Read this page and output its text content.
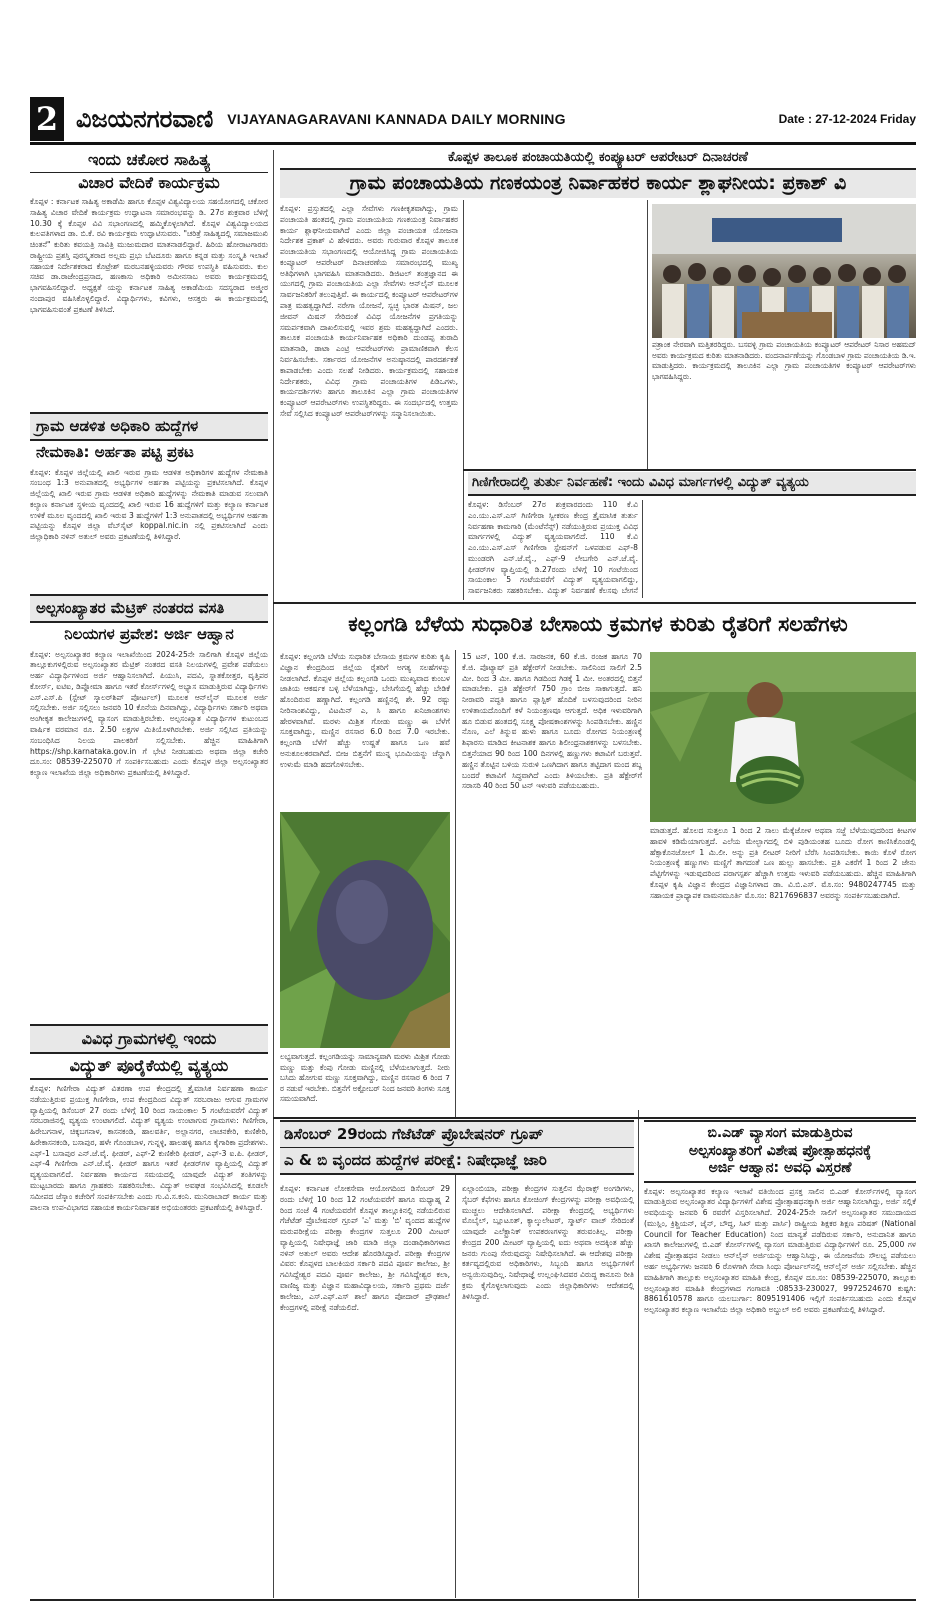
2 ವಿಜಯನಗರವಾಣಿ VIJAYANAGARAVANI KANNADA DAILY MORNING	Date : 27-12-2024 Friday
ಇಂದು ಚಕೋರ ಸಾಹಿತ್ಯ
ವಿಚಾರ ವೇದಿಕೆ ಕಾರ್ಯಕ್ರಮ
ಕೊಪ್ಪಳ : ಕರ್ನಾಟಕ ಸಾಹಿತ್ಯ ಅಕಾಡೆಮಿ ಹಾಗೂ ಕೊಪ್ಪಳ ವಿಶ್ವವಿದ್ಯಾಲಯ ಸಹಯೋಗದಲ್ಲಿ ಚಕೋರ ಸಾಹಿತ್ಯ ವಿಚಾರ ವೇದಿಕೆ ಕಾರ್ಯಕ್ರಮ ಉದ್ಘಾಟನಾ ಸಮಾರಂಭವನ್ನು ಡಿ. 27ರ ಶುಕ್ರವಾರ ಬೆಳಿಗ್ಗೆ 10.30 ಕ್ಕೆ ಕೊಪ್ಪಳ ವಿವಿ ಸಭಾಂಗಣದಲ್ಲಿ ಹಮ್ಮಿಕೊಳ್ಳಲಾಗಿದೆ. ಕೊಪ್ಪಳ ವಿಶ್ವವಿದ್ಯಾಲಯದ ಕುಲಪತಿಗಳಾದ ಡಾ. ಬಿ.ಕೆ. ರವಿ ಕಾರ್ಯಕ್ರಮ ಉದ್ಘಾಟಿಸುವರು. "ಚರಿತ್ರೆ ಸಾಹಿತ್ಯದಲ್ಲಿ ಸಮಾಜಮುಖಿ ಚಿಂತನೆ" ಕುರಿತು ಕವಯತ್ರಿ ಸಾವಿತ್ರಿ ಮುಜುಮದಾರ ಮಾತನಾಡಲಿದ್ದಾರೆ. ಹಿರಿಯ ಹೋರಾಟಗಾರರು ರಾಷ್ಟ್ರೀಯ ಪ್ರಶಸ್ತಿ ಪುರಸ್ಕೃತರಾದ ಅಲ್ಲಮ ಪ್ರಭು ಬೆಟದೂರು ಹಾಗೂ ಕನ್ನಡ ಮತ್ತು ಸಂಸ್ಕೃತಿ ಇಲಾಖೆ ಸಹಾಯಕ ನಿರ್ದೇಶಕರಾದ ಕೊಟ್ರೇಶ್ ಮರಬನಹಳ್ಳಿಯವರು ಗೌರವ ಉಪಸ್ಥಿತಿ ವಹಿಸುವರು. ಕುಲ ಸಚಿವ ಡಾ.ರಾಜೇಂದ್ರಪ್ರಸಾದ, ಹಣಕಾಸು ಅಧಿಕಾರಿ ಅಮೀನಸಾಬ ಅವರು ಕಾರ್ಯಕ್ರಮದಲ್ಲಿ ಭಾಗವಹಿಸಲಿದ್ದಾರೆ. ಅಧ್ಯಕ್ಷತೆ ಯನ್ನು ಕರ್ನಾಟಕ ಸಾಹಿತ್ಯ ಅಕಾಡೆಮಿಯ ಸದಸ್ಯರಾದ ಅಜ್ಮೀರ ನಂದಾಪುರ ವಹಿಸಿಕೊಳ್ಳಲಿದ್ದಾರೆ. ವಿದ್ಯಾರ್ಥಿಗಳು, ಕವಿಗಳು, ಆಸಕ್ತರು ಈ ಕಾರ್ಯಕ್ರಮದಲ್ಲಿ ಭಾಗವಹಿಸುವಂತೆ ಪ್ರಕಟಣೆ ತಿಳಿಸಿದೆ.
ಗ್ರಾಮ ಆಡಳಿತ ಅಧಿಕಾರಿ ಹುದ್ದೆಗಳ
ನೇಮಕಾತಿ: ಅರ್ಹತಾ ಪಟ್ಟಿ ಪ್ರಕಟ
ಕೊಪ್ಪಳ: ಕೊಪ್ಪಳ ಜಿಲ್ಲೆಯಲ್ಲಿ ಖಾಲಿ ಇರುವ ಗ್ರಾಮ ಆಡಳಿತ ಅಧಿಕಾರಿಗಳ ಹುದ್ದೆಗಳ ನೇಮಕಾತಿ ಸಂಬಂಧ 1:3 ಅನುಪಾತದಲ್ಲಿ ಅಭ್ಯರ್ಥಿಗಳ ಅರ್ಹತಾ ಪಟ್ಟಿಯನ್ನು ಪ್ರಕಟಿಸಲಾಗಿದೆ. ಕೊಪ್ಪಳ ಜಿಲ್ಲೆಯಲ್ಲಿ ಖಾಲಿ ಇರುವ ಗ್ರಾಮ ಆಡಳಿತ ಅಧಿಕಾರಿ ಹುದ್ದೆಗಳನ್ನು ನೇಮಕಾತಿ ಮಾಡುವ ಸಲುವಾಗಿ ಕಲ್ಯಾಣ ಕರ್ನಾಟಕ ಸ್ಥಳೀಯ ವೃಂದದಲ್ಲಿ ಖಾಲಿ ಇರುವ 16 ಹುದ್ದೆಗಳಿಗೆ ಮತ್ತು ಕಲ್ಯಾಣ ಕರ್ನಾಟಕ ಉಳಿಕೆ ಮೂಲ ವೃಂದದಲ್ಲಿ ಖಾಲಿ ಇರುವ 3 ಹುದ್ದೆಗಳಿಗೆ 1:3 ಅನುಪಾತದಲ್ಲಿ ಅಭ್ಯರ್ಥಿಗಳ ಅರ್ಹತಾ ಪಟ್ಟಿಯನ್ನು ಕೊಪ್ಪಳ ಜಿಲ್ಲಾ ವೆಬ್‌ಸೈಟ್ koppal.nic.in ನಲ್ಲಿ ಪ್ರಕಟಿಸಲಾಗಿದೆ ಎಂದು ಜಿಲ್ಲಾಧಿಕಾರಿ ನಳಿನ್ ಅತುಲ್ ಅವರು ಪ್ರಕಟಣೆಯಲ್ಲಿ ತಿಳಿಸಿದ್ದಾರೆ.
ಅಲ್ಪಸಂಖ್ಯಾತರ ಮೆಟ್ರಿಕ್ ನಂತರದ ವಸತಿ
ನಿಲಯಗಳ ಪ್ರವೇಶ: ಅರ್ಜಿ ಆಹ್ವಾನ
ಕೊಪ್ಪಳ: ಅಲ್ಪಸಂಖ್ಯಾತರ ಕಲ್ಯಾಣ ಇಲಾಖೆಯಿಂದ 2024-25ನೇ ಸಾಲಿಗಾಗಿ ಕೊಪ್ಪಳ ಜಿಲ್ಲೆಯ ತಾಲ್ಲೂಕುಗಳಲ್ಲಿರುವ ಅಲ್ಪಸಂಖ್ಯಾತರ ಮೆಟ್ರಿಕ್ ನಂತರದ ವಸತಿ ನಿಲಯಗಳಲ್ಲಿ ಪ್ರವೇಶ ಪಡೆಯಲು ಅರ್ಹ ವಿದ್ಯಾರ್ಥಿಗಳಿಂದ ಅರ್ಜಿ ಆಹ್ವಾನಿಸಲಾಗಿದೆ. ಪಿಯುಸಿ, ಪದವಿ, ಸ್ನಾತಕೋತ್ತರ, ವೃತ್ತಿಪರ ಕೋರ್ಸ್, ಐಟಿಐ, ಡಿಪ್ಲೋಮಾ ಹಾಗೂ ಇತರೆ ಕೋರ್ಸ್‌ಗಳಲ್ಲಿ ಅಭ್ಯಾಸ ಮಾಡುತ್ತಿರುವ ವಿದ್ಯಾರ್ಥಿಗಳು ಎಸ್.ಎಸ್.ಪಿ (ಸ್ಟೇಟ್ ಸ್ಕಾಲರ್‌ಶಿಪ್ ಪೋರ್ಟಲ್) ಮೂಲಕ ಆನ್‌ಲೈನ್ ಮೂಲಕ ಅರ್ಜಿ ಸಲ್ಲಿಸಬೇಕು. ಅರ್ಜಿ ಸಲ್ಲಿಸಲು ಜನವರಿ 10 ಕೊನೆಯ ದಿನವಾಗಿದ್ದು, ವಿದ್ಯಾರ್ಥಿಗಳು ಸರ್ಕಾರಿ ಅಥವಾ ಅಂಗೀಕೃತ ಕಾಲೇಜುಗಳಲ್ಲಿ ವ್ಯಾಸಂಗ ಮಾಡುತ್ತಿರಬೇಕು. ಅಲ್ಪಸಂಖ್ಯಾತ ವಿದ್ಯಾರ್ಥಿಗಳ ಕುಟುಂಬದ ವಾರ್ಷಿಕ ವರಮಾನ ರೂ. 2.50 ಲಕ್ಷಗಳ ಮಿತಿಯೊಳಗಿರಬೇಕು. ಅರ್ಜಿ ಸಲ್ಲಿಸಿದ ಪ್ರತಿಯನ್ನು ಸಂಬಂಧಿಸಿದ ನಿಲಯ ಪಾಲಕರಿಗೆ ಸಲ್ಲಿಸಬೇಕು. ಹೆಚ್ಚಿನ ಮಾಹಿತಿಗಾಗಿ https://shp.karnataka.gov.in ಗೆ ಭೇಟಿ ನೀಡಬಹುದು ಅಥವಾ ಜಿಲ್ಲಾ ಕಚೇರಿ ದೂ.ಸಂ: 08539-225070 ಗೆ ಸಂಪರ್ಕಿಸಬಹುದು ಎಂದು ಕೊಪ್ಪಳ ಜಿಲ್ಲಾ ಅಲ್ಪಸಂಖ್ಯಾತರ ಕಲ್ಯಾಣ ಇಲಾಖೆಯ ಜಿಲ್ಲಾ ಅಧಿಕಾರಿಗಳು ಪ್ರಕಟಣೆಯಲ್ಲಿ ತಿಳಿಸಿದ್ದಾರೆ.
ವಿವಿಧ ಗ್ರಾಮಗಳಲ್ಲಿ ಇಂದು
ವಿದ್ಯುತ್ ಪೂರೈಕೆಯಲ್ಲಿ ವ್ಯತ್ಯಯ
ಕೊಪ್ಪಳ: ಗಿಣಿಗೇರಾ ವಿದ್ಯುತ್ ವಿತರಣಾ ಉಪ ಕೇಂದ್ರದಲ್ಲಿ ತ್ರೈಮಾಸಿಕ ನಿರ್ವಹಣಾ ಕಾರ್ಯ ನಡೆಯುತ್ತಿರುವ ಪ್ರಯುಕ್ತ ಗಿಣಿಗೇರಾ, ಉಪ ಕೇಂದ್ರದಿಂದ ವಿದ್ಯುತ್ ಸರಬರಾಜು ಆಗುವ ಗ್ರಾಮಗಳ ವ್ಯಾಪ್ತಿಯಲ್ಲಿ ಡಿಸೆಂಬರ್ 27 ರಂದು ಬೆಳಿಗ್ಗೆ 10 ರಿಂದ ಸಾಯಂಕಾಲ 5 ಗಂಟೆಯವರೆಗೆ ವಿದ್ಯುತ್ ಸರಬರಾಜಿನಲ್ಲಿ ವ್ಯತ್ಯಯ ಉಂಟಾಗಲಿದೆ. ವಿದ್ಯುತ್ ವ್ಯತ್ಯಯ ಉಂಟಾಗುವ ಗ್ರಾಮಗಳು: ಗಿಣಿಗೇರಾ, ಹಿರೇಬಗನಾಳ, ಚಿಕ್ಕಬಗನಾಳ, ಕಾಸನಕಂಡಿ, ಹಾಲವರ್ತಿ, ಅಲ್ಲಾನಗರ, ಲಾಚನಕೇರಿ, ಕುಣಿಕೇರಿ, ಹಿರೇಕಾಸನಕಂಡಿ, ಬಸಾಪುರ, ಹಳೇ ಗೊಂಡಬಾಳ, ಗುನ್ನಳ್ಳಿ, ಹಾಲಹಳ್ಳಿ ಹಾಗೂ ಕೈಗಾರಿಕಾ ಪ್ರದೇಶಗಳು. ಎಫ್-1 ಬಸಾಪುರ ಎನ್.ಜೆ.ವೈ. ಫೀಡರ್, ಎಫ್-2 ಕುಣಿಕೇರಿ ಫೀಡರ್, ಎಫ್-3 ಐ.ಪಿ. ಫೀಡರ್, ಎಫ್-4 ಗಿಣಿಗೇರಾ ಎನ್.ಜೆ.ವೈ. ಫೀಡರ್ ಹಾಗೂ ಇತರೆ ಫೀಡರ್‌ಗಳ ವ್ಯಾಪ್ತಿಯಲ್ಲಿ ವಿದ್ಯುತ್ ವ್ಯತ್ಯಯವಾಗಲಿದೆ. ನಿರ್ವಹಣಾ ಕಾರ್ಯದ ಸಮಯದಲ್ಲಿ ಯಾವುದೇ ವಿದ್ಯುತ್ ತಂತಿಗಳನ್ನು ಮುಟ್ಟಬಾರದು ಹಾಗೂ ಗ್ರಾಹಕರು ಸಹಕರಿಸಬೇಕು. ವಿದ್ಯುತ್ ಅವಘಡ ಸಂಭವಿಸಿದಲ್ಲಿ ಕೂಡಲೇ ಸಮೀಪದ ಜೆಸ್ಕಾಂ ಕಚೇರಿಗೆ ಸಂಪರ್ಕಿಸಬೇಕು ಎಂದು ಗು.ವಿ.ಸ.ಕಂನಿ. ಮುನಿರಾಬಾದ್ ಕಾರ್ಯ ಮತ್ತು ಪಾಲನಾ ಉಪ-ವಿಭಾಗದ ಸಹಾಯಕ ಕಾರ್ಯನಿರ್ವಾಹಕ ಅಭಿಯಂತರರು ಪ್ರಕಟಣೆಯಲ್ಲಿ ತಿಳಿಸಿದ್ದಾರೆ.
ಕೊಪ್ಪಳ ತಾಲೂಕ ಪಂಚಾಯತಿಯಲ್ಲಿ ಕಂಪ್ಯೂಟರ್ ಆಪರೇಟರ್ ದಿನಾಚರಣೆ
ಗ್ರಾಮ ಪಂಚಾಯತಿಯ ಗಣಕಯಂತ್ರ ನಿರ್ವಾಹಕರ ಕಾರ್ಯ ಶ್ಲಾಘನೀಯ: ಪ್ರಕಾಶ್ ವಿ
ಕೊಪ್ಪಳ: ಪ್ರಸ್ತುತದಲ್ಲಿ ಎಲ್ಲಾ ಸೇವೆಗಳು ಗಣಕೀಕೃತವಾಗಿದ್ದು, ಗ್ರಾಮ ಪಂಚಾಯತಿ ಹಂತದಲ್ಲಿ ಗ್ರಾಮ ಪಂಚಾಯತಿಯ ಗಣಕಯಂತ್ರ ನಿರ್ವಾಹಕರ ಕಾರ್ಯ ಶ್ಲಾಘನೀಯವಾಗಿದೆ ಎಂದು ಜಿಲ್ಲಾ ಪಂಚಾಯತ ಯೋಜನಾ ನಿರ್ದೇಶಕ ಪ್ರಕಾಶ್ ವಿ ಹೇಳಿದರು. ಅವರು ಗುರುವಾರ ಕೊಪ್ಪಳ ತಾಲೂಕ ಪಂಚಾಯತಿಯ ಸಭಾಂಗಣದಲ್ಲಿ ಆಯೋಜಿಸಿದ್ದ ಗ್ರಾಮ ಪಂಚಾಯತಿಯ ಕಂಪ್ಯೂಟರ್ ಆಪರೇಟರ್ ದಿನಾಚರಣೆಯ ಸಮಾರಂಭದಲ್ಲಿ ಮುಖ್ಯ ಅತಿಥಿಗಳಾಗಿ ಭಾಗವಹಿಸಿ ಮಾತನಾಡಿದರು. ಡಿಜಿಟಲ್ ತಂತ್ರಜ್ಞಾನದ ಈ ಯುಗದಲ್ಲಿ ಗ್ರಾಮ ಪಂಚಾಯತಿಯ ಎಲ್ಲಾ ಸೇವೆಗಳು ಆನ್‌ಲೈನ್ ಮೂಲಕ ಸಾರ್ವಜನಿಕರಿಗೆ ತಲುಪುತ್ತಿವೆ. ಈ ಕಾರ್ಯದಲ್ಲಿ ಕಂಪ್ಯೂಟರ್ ಆಪರೇಟರ್‌ಗಳ ಪಾತ್ರ ಮಹತ್ವದ್ದಾಗಿದೆ. ನರೇಗಾ ಯೋಜನೆ, ಸ್ವಚ್ಛ ಭಾರತ ಮಿಷನ್, ಜಲ ಜೀವನ್ ಮಿಷನ್ ಸೇರಿದಂತೆ ವಿವಿಧ ಯೋಜನೆಗಳ ಪ್ರಗತಿಯನ್ನು ಸಮರ್ಪಕವಾಗಿ ದಾಖಲಿಸುವಲ್ಲಿ ಇವರ ಶ್ರಮ ಮಹತ್ವದ್ದಾಗಿದೆ ಎಂದರು. ತಾಲೂಕ ಪಂಚಾಯತಿ ಕಾರ್ಯನಿರ್ವಾಹಕ ಅಧಿಕಾರಿ ದುಂಡಪ್ಪ ತುರಾದಿ ಮಾತನಾಡಿ, ಡಾಟಾ ಎಂಟ್ರಿ ಆಪರೇಟರ್‌ಗಳು ಪ್ರಾಮಾಣಿಕವಾಗಿ ಕೆಲಸ ನಿರ್ವಹಿಸಬೇಕು. ಸರ್ಕಾರದ ಯೋಜನೆಗಳ ಅನುಷ್ಠಾನದಲ್ಲಿ ಪಾರದರ್ಶಕತೆ ಕಾಪಾಡಬೇಕು ಎಂದು ಸಲಹೆ ನೀಡಿದರು. ಕಾರ್ಯಕ್ರಮದಲ್ಲಿ ಸಹಾಯಕ ನಿರ್ದೇಶಕರು, ವಿವಿಧ ಗ್ರಾಮ ಪಂಚಾಯತಿಗಳ ಪಿಡಿಒಗಳು, ಕಾರ್ಯದರ್ಶಿಗಳು ಹಾಗೂ ತಾಲೂಕಿನ ಎಲ್ಲಾ ಗ್ರಾಮ ಪಂಚಾಯತಿಗಳ ಕಂಪ್ಯೂಟರ್ ಆಪರೇಟರ್‌ಗಳು ಉಪಸ್ಥಿತರಿದ್ದರು. ಈ ಸಂದರ್ಭದಲ್ಲಿ ಉತ್ತಮ ಸೇವೆ ಸಲ್ಲಿಸಿದ ಕಂಪ್ಯೂಟರ್ ಆಪರೇಟರ್‌ಗಳನ್ನು ಸನ್ಮಾನಿಸಲಾಯಿತು.
ಪತ್ರಾಂಕ ನೇರವಾಗಿ ಮತ್ತಿತರರಿದ್ದರು. ಬಸವಳ್ಳಿ ಗ್ರಾಮ ಪಂಚಾಯತಿಯ ಕಂಪ್ಯೂಟರ್ ಆಪರೇಟರ್ ನಿಸಾರ ಅಹಮದ್ ಅವರು ಕಾರ್ಯಕ್ರಮದ ಕುರಿತು ಮಾತನಾಡಿದರು. ವಂದನಾರ್ಪಣೆಯನ್ನು ಗೊಂಡಬಾಳ ಗ್ರಾಮ ಪಂಚಾಯತಿಯ ಡಿ.ಇ. ಮಾಡುತ್ತಿದರು. ಕಾರ್ಯಕ್ರಮದಲ್ಲಿ ತಾಲೂಕಿನ ಎಲ್ಲಾ ಗ್ರಾಮ ಪಂಚಾಯತಿಗಳ ಕಂಪ್ಯೂಟರ್ ಆಪರೇಟರ್‌ಗಳು ಭಾಗವಹಿಸಿದ್ದರು.
ಗಿಣಿಗೇರಾದಲ್ಲಿ ತುರ್ತು ನಿರ್ವಹಣೆ: ಇಂದು ವಿವಿಧ ಮಾರ್ಗಗಳಲ್ಲಿ ವಿದ್ಯುತ್ ವ್ಯತ್ಯಯ
ಕೊಪ್ಪಳ: ಡಿಸೆಂಬರ್ 27ರ ಶುಕ್ರವಾರದಂದು 110 ಕೆ.ವಿ ಎಂ.ಯು.ಎಸ್.ಎಸ್ ಗಿಣಿಗೇರಾ ಸ್ವೀಕರಣ ಕೇಂದ್ರ ತ್ರೈಮಾಸಿಕ ತುರ್ತು ನಿರ್ವಹಣಾ ಕಾಮಗಾರಿ (ಮೆಂಟೆನೆನ್ಸ್) ನಡೆಯುತ್ತಿರುವ ಪ್ರಯುಕ್ತ ವಿವಿಧ ಮಾರ್ಗಗಳಲ್ಲಿ ವಿದ್ಯುತ್ ವ್ಯತ್ಯಯವಾಗಲಿದೆ. 110 ಕೆ.ವಿ ಎಂ.ಯು.ಎಸ್.ಎಸ್ ಗಿಣಿಗೇರಾ ಸ್ಟೇಷನ್‌ಗೆ ಒಳಪಡುವ ಎಫ್-8 ಮುಂಡರಗಿ ಎನ್.ಜೆ.ವೈ., ಎಫ್-9 ಲೇಬಗೇರಿ ಎನ್.ಜೆ.ವೈ. ಫೀಡರ್‌ಗಳ ವ್ಯಾಪ್ತಿಯಲ್ಲಿ ಡಿ.27ರಂದು ಬೆಳಿಗ್ಗೆ 10 ಗಂಟೆಯಿಂದ ಸಾಯಂಕಾಲ 5 ಗಂಟೆಯವರೆಗೆ ವಿದ್ಯುತ್ ವ್ಯತ್ಯಯವಾಗಲಿದ್ದು, ಸಾರ್ವಜನಿಕರು ಸಹಕರಿಸಬೇಕು. ವಿದ್ಯುತ್ ನಿರ್ವಹಣೆ ಕೆಲಸವು ಬೇಗನೆ
ಕಲ್ಲಂಗಡಿ ಬೆಳೆಯ ಸುಧಾರಿತ ಬೇಸಾಯ ಕ್ರಮಗಳ ಕುರಿತು ರೈತರಿಗೆ ಸಲಹೆಗಳು
ಕೊಪ್ಪಳ: ಕಲ್ಲಂಗಡಿ ಬೆಳೆಯ ಸುಧಾರಿತ ಬೇಸಾಯ ಕ್ರಮಗಳ ಕುರಿತು ಕೃಷಿ ವಿಜ್ಞಾನ ಕೇಂದ್ರದಿಂದ ಜಿಲ್ಲೆಯ ರೈತರಿಗೆ ಅಗತ್ಯ ಸಲಹೆಗಳನ್ನು ನೀಡಲಾಗಿದೆ. ಕೊಪ್ಪಳ ಜಿಲ್ಲೆಯ ಕಲ್ಲಂಗಡಿ ಒಂದು ಮುಖ್ಯವಾದ ಕುಂಬಳ ಜಾತಿಯ ಆಕರ್ಷಕ ಬಳ್ಳಿ ಬೆಳೆಯಾಗಿದ್ದು, ಬೇಸಿಗೆಯಲ್ಲಿ ಹೆಚ್ಚು ಬೇಡಿಕೆ ಹೊಂದಿರುವ ಹಣ್ಣಾಗಿದೆ. ಕಲ್ಲಂಗಡಿ ಹಣ್ಣಿನಲ್ಲಿ ಶೇ. 92 ರಷ್ಟು ನೀರಿನಾಂಶವಿದ್ದು, ವಿಟಮಿನ್ ಎ, ಸಿ ಹಾಗೂ ಖನಿಜಾಂಶಗಳು ಹೇರಳವಾಗಿವೆ. ಮರಳು ಮಿಶ್ರಿತ ಗೋಡು ಮಣ್ಣು ಈ ಬೆಳೆಗೆ ಸೂಕ್ತವಾಗಿದ್ದು, ಮಣ್ಣಿನ ರಸಸಾರ 6.0 ರಿಂದ 7.0 ಇರಬೇಕು. ಕಲ್ಲಂಗಡಿ ಬೆಳೆಗೆ ಹೆಚ್ಚು ಉಷ್ಣತೆ ಹಾಗೂ ಒಣ ಹವೆ ಅನುಕೂಲಕರವಾಗಿದೆ. ಬೀಜ ಬಿತ್ತನೆಗೆ ಮುನ್ನ ಭೂಮಿಯನ್ನು ಚೆನ್ನಾಗಿ ಉಳುಮೆ ಮಾಡಿ ಹದಗೊಳಿಸಬೇಕು.
ಲಭ್ಯವಾಗುತ್ತದೆ. ಕಲ್ಲಂಗಡಿಯನ್ನು ಸಾಮಾನ್ಯವಾಗಿ ಮರಳು ಮಿಶ್ರಿತ ಗೋಡು ಮಣ್ಣು ಮತ್ತು ಕೆಂಪು ಗೋಡು ಮಣ್ಣಿನಲ್ಲಿ ಬೆಳೆಯಲಾಗುತ್ತದೆ. ನೀರು ಬಸಿದು ಹೋಗುವ ಮಣ್ಣು ಸೂಕ್ತವಾಗಿದ್ದು, ಮಣ್ಣಿನ ರಸಸಾರ 6 ರಿಂದ 7 ರ ನಡುವೆ ಇರಬೇಕು. ಬಿತ್ತನೆಗೆ ಅಕ್ಟೋಬರ್ ನಿಂದ ಜನವರಿ ತಿಂಗಳು ಸೂಕ್ತ ಸಮಯವಾಗಿದೆ.
15 ಟನ್, 100 ಕೆ.ಜಿ. ಸಾರಜನಕ, 60 ಕೆ.ಜಿ. ರಂಜಕ ಹಾಗೂ 70 ಕೆ.ಜಿ. ಪೊಟ್ಯಾಷ್ ಪ್ರತಿ ಹೆಕ್ಟೇರ್‌ಗೆ ನೀಡಬೇಕು. ಸಾಲಿನಿಂದ ಸಾಲಿಗೆ 2.5 ಮೀ. ರಿಂದ 3 ಮೀ. ಹಾಗೂ ಗಿಡದಿಂದ ಗಿಡಕ್ಕೆ 1 ಮೀ. ಅಂತರದಲ್ಲಿ ಬಿತ್ತನೆ ಮಾಡಬೇಕು. ಪ್ರತಿ ಹೆಕ್ಟೇರ್‌ಗೆ 750 ಗ್ರಾಂ ಬೀಜ ಸಾಕಾಗುತ್ತದೆ. ಹನಿ ನೀರಾವರಿ ಪದ್ಧತಿ ಹಾಗೂ ಪ್ಲಾಸ್ಟಿಕ್ ಹೊದಿಕೆ ಬಳಸುವುದರಿಂದ ನೀರಿನ ಉಳಿತಾಯದೊಂದಿಗೆ ಕಳೆ ನಿಯಂತ್ರಣವೂ ಆಗುತ್ತದೆ. ಅಧಿಕ ಇಳುವರಿಗಾಗಿ ಹೂ ಬಿಡುವ ಹಂತದಲ್ಲಿ ಸೂಕ್ಷ್ಮ ಪೋಷಕಾಂಶಗಳನ್ನು ಸಿಂಪಡಿಸಬೇಕು. ಹಣ್ಣಿನ ನೊಣ, ಎಲೆ ತಿನ್ನುವ ಹುಳು ಹಾಗೂ ಬೂದು ರೋಗದ ನಿಯಂತ್ರಣಕ್ಕೆ ಶಿಫಾರಸು ಮಾಡಿದ ಕೀಟನಾಶಕ ಹಾಗೂ ಶಿಲೀಂಧ್ರನಾಶಕಗಳನ್ನು ಬಳಸಬೇಕು. ಬಿತ್ತನೆಯಾದ 90 ರಿಂದ 100 ದಿನಗಳಲ್ಲಿ ಹಣ್ಣುಗಳು ಕಟಾವಿಗೆ ಬರುತ್ತವೆ. ಹಣ್ಣಿನ ತೊಟ್ಟಿನ ಬಳಿಯ ಸುರುಳಿ ಒಣಗಿದಾಗ ಹಾಗೂ ತಟ್ಟಿದಾಗ ಮಂದ ಶಬ್ದ ಬಂದರೆ ಕಟಾವಿಗೆ ಸಿದ್ಧವಾಗಿದೆ ಎಂದು ತಿಳಿಯಬೇಕು. ಪ್ರತಿ ಹೆಕ್ಟೇರ್‌ಗೆ ಸರಾಸರಿ 40 ರಿಂದ 50 ಟನ್ ಇಳುವರಿ ಪಡೆಯಬಹುದು.
ಮಾಡುತ್ತದೆ. ಹೊಲದ ಸುತ್ತಲೂ 1 ರಿಂದ 2 ಸಾಲು ಮೆಕ್ಕೆಜೋಳ ಅಥವಾ ಸಜ್ಜೆ ಬೆಳೆಯುವುದರಿಂದ ಕೀಟಗಳ ಹಾವಳಿ ಕಡಿಮೆಯಾಗುತ್ತದೆ. ಎಲೆಯ ಮೇಲ್ಭಾಗದಲ್ಲಿ ಬಿಳಿ ಪುಡಿಯಂತಹ ಬೂದು ರೋಗ ಕಾಣಿಸಿಕೊಂಡಲ್ಲಿ ಹೆಕ್ಸಾಕೊನಜೋಲ್ 1 ಮಿ.ಲೀ. ಅನ್ನು ಪ್ರತಿ ಲೀಟರ್ ನೀರಿಗೆ ಬೆರೆಸಿ ಸಿಂಪಡಿಸಬೇಕು. ಕಾಯಿ ಕೊಳೆ ರೋಗ ನಿಯಂತ್ರಣಕ್ಕೆ ಹಣ್ಣುಗಳು ಮಣ್ಣಿಗೆ ತಾಗದಂತೆ ಒಣ ಹುಲ್ಲು ಹಾಸಬೇಕು. ಪ್ರತಿ ಎಕರೆಗೆ 1 ರಿಂದ 2 ಜೇನು ಪೆಟ್ಟಿಗೆಗಳನ್ನು ಇಡುವುದರಿಂದ ಪರಾಗಸ್ಪರ್ಶ ಹೆಚ್ಚಾಗಿ ಉತ್ತಮ ಇಳುವರಿ ಪಡೆಯಬಹುದು. ಹೆಚ್ಚಿನ ಮಾಹಿತಿಗಾಗಿ ಕೊಪ್ಪಳ ಕೃಷಿ ವಿಜ್ಞಾನ ಕೇಂದ್ರದ ವಿಜ್ಞಾನಿಗಳಾದ ಡಾ. ವಿ.ಬಿ.ಎಸ್. ಮೊ.ಸಂ: 9480247745 ಮತ್ತು ಸಹಾಯಕ ಪ್ರಾಧ್ಯಾಪಕ ವಾಮನಮೂರ್ತಿ ಮೊ.ಸಂ: 8217696837 ಅವರನ್ನು ಸಂಪರ್ಕಿಸಬಹುದಾಗಿದೆ.
ಡಿಸೆಂಬರ್ 29ರಂದು ಗೆಜೆಟೆಡ್ ಪ್ರೊಬೇಷನರ್ ಗ್ರೂಪ್
ಎ & ಬಿ ವೃಂದದ ಹುದ್ದೆಗಳ ಪರೀಕ್ಷೆ: ನಿಷೇಧಾಜ್ಞೆ ಜಾರಿ
ಕೊಪ್ಪಳ: ಕರ್ನಾಟಕ ಲೋಕಸೇವಾ ಆಯೋಗದಿಂದ ಡಿಸೆಂಬರ್ 29 ರಂದು ಬೆಳಿಗ್ಗೆ 10 ರಿಂದ 12 ಗಂಟೆಯವರೆಗೆ ಹಾಗೂ ಮಧ್ಯಾಹ್ನ 2 ರಿಂದ ಸಂಜೆ 4 ಗಂಟೆಯವರೆಗೆ ಕೊಪ್ಪಳ ತಾಲ್ಲೂಕಿನಲ್ಲಿ ನಡೆಯಲಿರುವ ಗೆಜೆಟೆಡ್ ಪ್ರೊಬೇಷನರ್ ಗ್ರೂಪ್ 'ಎ' ಮತ್ತು 'ಬಿ' ವೃಂದದ ಹುದ್ದೆಗಳ ಮರುಪರೀಕ್ಷೆಯ ಪರೀಕ್ಷಾ ಕೇಂದ್ರಗಳ ಸುತ್ತಲೂ 200 ಮೀಟರ್ ವ್ಯಾಪ್ತಿಯಲ್ಲಿ ನಿಷೇಧಾಜ್ಞೆ ಜಾರಿ ಮಾಡಿ ಜಿಲ್ಲಾ ದಂಡಾಧಿಕಾರಿಗಳಾದ ನಳಿನ್ ಅತುಲ್ ಅವರು ಆದೇಶ ಹೊರಡಿಸಿದ್ದಾರೆ. ಪರೀಕ್ಷಾ ಕೇಂದ್ರಗಳ ವಿವರ: ಕೊಪ್ಪಳದ ಬಾಲಕಿಯರ ಸರ್ಕಾರಿ ಪದವಿ ಪೂರ್ವ ಕಾಲೇಜು, ಶ್ರೀ ಗವಿಸಿದ್ದೇಶ್ವರ ಪದವಿ ಪೂರ್ವ ಕಾಲೇಜು, ಶ್ರೀ ಗವಿಸಿದ್ದೇಶ್ವರ ಕಲಾ, ವಾಣಿಜ್ಯ ಮತ್ತು ವಿಜ್ಞಾನ ಮಹಾವಿದ್ಯಾಲಯ, ಸರ್ಕಾರಿ ಪ್ರಥಮ ದರ್ಜೆ ಕಾಲೇಜು, ಎಸ್.ಎಫ್.ಎಸ್ ಶಾಲೆ ಹಾಗೂ ಪೋದಾರ್ ಪ್ರೌಢಶಾಲೆ ಕೇಂದ್ರಗಳಲ್ಲಿ ಪರೀಕ್ಷೆ ನಡೆಯಲಿದೆ.
ಏಲ್ಲಾಂಬಿಯಾ, ಪರೀಕ್ಷಾ ಕೇಂದ್ರಗಳ ಸುತ್ತಲಿನ ಝೆರಾಕ್ಸ್ ಅಂಗಡಿಗಳು, ಸೈಬರ್ ಕೆಫೆಗಳು ಹಾಗೂ ಕೋಚಿಂಗ್ ಕೇಂದ್ರಗಳನ್ನು ಪರೀಕ್ಷಾ ಅವಧಿಯಲ್ಲಿ ಮುಚ್ಚಲು ಆದೇಶಿಸಲಾಗಿದೆ. ಪರೀಕ್ಷಾ ಕೇಂದ್ರದಲ್ಲಿ ಅಭ್ಯರ್ಥಿಗಳು ಮೊಬೈಲ್, ಬ್ಲೂಟೂತ್, ಕ್ಯಾಲ್ಕುಲೇಟರ್, ಸ್ಮಾರ್ಟ್ ವಾಚ್ ಸೇರಿದಂತೆ ಯಾವುದೇ ಎಲೆಕ್ಟ್ರಾನಿಕ್ ಉಪಕರಣಗಳನ್ನು ತರುವಂತಿಲ್ಲ. ಪರೀಕ್ಷಾ ಕೇಂದ್ರದ 200 ಮೀಟರ್ ವ್ಯಾಪ್ತಿಯಲ್ಲಿ ಐದು ಅಥವಾ ಅದಕ್ಕಿಂತ ಹೆಚ್ಚು ಜನರು ಗುಂಪು ಸೇರುವುದನ್ನು ನಿಷೇಧಿಸಲಾಗಿದೆ. ಈ ಆದೇಶವು ಪರೀಕ್ಷಾ ಕರ್ತವ್ಯದಲ್ಲಿರುವ ಅಧಿಕಾರಿಗಳು, ಸಿಬ್ಬಂದಿ ಹಾಗೂ ಅಭ್ಯರ್ಥಿಗಳಿಗೆ ಅನ್ವಯಿಸುವುದಿಲ್ಲ. ನಿಷೇಧಾಜ್ಞೆ ಉಲ್ಲಂಘಿಸಿದವರ ವಿರುದ್ಧ ಕಾನೂನು ರೀತಿ ಕ್ರಮ ಕೈಗೊಳ್ಳಲಾಗುವುದು ಎಂದು ಜಿಲ್ಲಾಧಿಕಾರಿಗಳು ಆದೇಶದಲ್ಲಿ ತಿಳಿಸಿದ್ದಾರೆ.
ಬಿ.ಎಡ್ ವ್ಯಾಸಂಗ ಮಾಡುತ್ತಿರುವ
ಅಲ್ಪಸಂಖ್ಯಾತರಿಗೆ ವಿಶೇಷ ಪ್ರೋತ್ಸಾಹಧನಕ್ಕೆ
ಅರ್ಜಿ ಆಹ್ವಾನ: ಅವಧಿ ವಿಸ್ತರಣೆ
ಕೊಪ್ಪಳ: ಅಲ್ಪಸಂಖ್ಯಾತರ ಕಲ್ಯಾಣ ಇಲಾಖೆ ವತಿಯಿಂದ ಪ್ರಸಕ್ತ ಸಾಲಿನ ಬಿ.ಎಡ್ ಕೋರ್ಸ್‌ಗಳಲ್ಲಿ ವ್ಯಾಸಂಗ ಮಾಡುತ್ತಿರುವ ಅಲ್ಪಸಂಖ್ಯಾತರ ವಿದ್ಯಾರ್ಥಿಗಳಿಗೆ ವಿಶೇಷ ಪ್ರೋತ್ಸಾಹಧನಕ್ಕಾಗಿ ಅರ್ಜಿ ಆಹ್ವಾನಿಸಲಾಗಿದ್ದು, ಅರ್ಜಿ ಸಲ್ಲಿಕೆ ಅವಧಿಯನ್ನು ಜನವರಿ 6 ರವರೆಗೆ ವಿಸ್ತರಿಸಲಾಗಿದೆ. 2024-25ನೇ ಸಾಲಿಗೆ ಅಲ್ಪಸಂಖ್ಯಾತರ ಸಮುದಾಯದ (ಮುಸ್ಲಿಂ, ಕ್ರಿಶ್ಚಿಯನ್, ಜೈನ್, ಬೌದ್ಧ, ಸಿಖ್ ಮತ್ತು ಪಾರ್ಸಿ) ರಾಷ್ಟ್ರೀಯ ಶಿಕ್ಷಕರ ಶಿಕ್ಷಣ ಪರಿಷತ್ (National Council for Teacher Education) ನಿಂದ ಮಾನ್ಯತೆ ಪಡೆದಿರುವ ಸರ್ಕಾರಿ, ಅನುದಾನಿತ ಹಾಗೂ ಖಾಸಗಿ ಕಾಲೇಜುಗಳಲ್ಲಿ ಬಿ.ಎಡ್ ಕೋರ್ಸ್‌ಗಳಲ್ಲಿ ವ್ಯಾಸಂಗ ಮಾಡುತ್ತಿರುವ ವಿದ್ಯಾರ್ಥಿಗಳಿಗೆ ರೂ. 25,000 ಗಳ ವಿಶೇಷ ಪ್ರೋತ್ಸಾಹಧನ ನೀಡಲು ಆನ್‌ಲೈನ್ ಅರ್ಜಿಯನ್ನು ಆಹ್ವಾನಿಸಿದ್ದು, ಈ ಯೋಜನೆಯ ಸೌಲಭ್ಯ ಪಡೆಯಲು ಅರ್ಹ ಅಭ್ಯರ್ಥಿಗಳು ಜನವರಿ 6 ರೊಳಗಾಗಿ ಸೇವಾ ಸಿಂಧು ಪೋರ್ಟಲ್‌ನಲ್ಲಿ ಆನ್‌ಲೈನ್ ಅರ್ಜಿ ಸಲ್ಲಿಸಬೇಕು. ಹೆಚ್ಚಿನ ಮಾಹಿತಿಗಾಗಿ ತಾಲ್ಲೂಕು ಅಲ್ಪಸಂಖ್ಯಾತರ ಮಾಹಿತಿ ಕೇಂದ್ರ, ಕೊಪ್ಪಳ ದೂ.ಸಂ: 08539-225070, ತಾಲ್ಲೂಕು ಅಲ್ಪಸಂಖ್ಯಾತರ ಮಾಹಿತಿ ಕೇಂದ್ರಗಳಾದ ಗಂಗಾವತಿ :08533-230027, 9972524670 ಕುಷ್ಟಗಿ: 8861610578 ಹಾಗೂ ಯಲಬುರ್ಗಾ: 8095191406 ಇಲ್ಲಿಗೆ ಸಂಪರ್ಕಿಸಬಹುದು ಎಂದು ಕೊಪ್ಪಳ ಅಲ್ಪಸಂಖ್ಯಾತರ ಕಲ್ಯಾಣ ಇಲಾಖೆಯ ಜಿಲ್ಲಾ ಅಧಿಕಾರಿ ಅಬ್ದುಲ್ ಅಲಿ ಅವರು ಪ್ರಕಟಣೆಯಲ್ಲಿ ತಿಳಿಸಿದ್ದಾರೆ.
